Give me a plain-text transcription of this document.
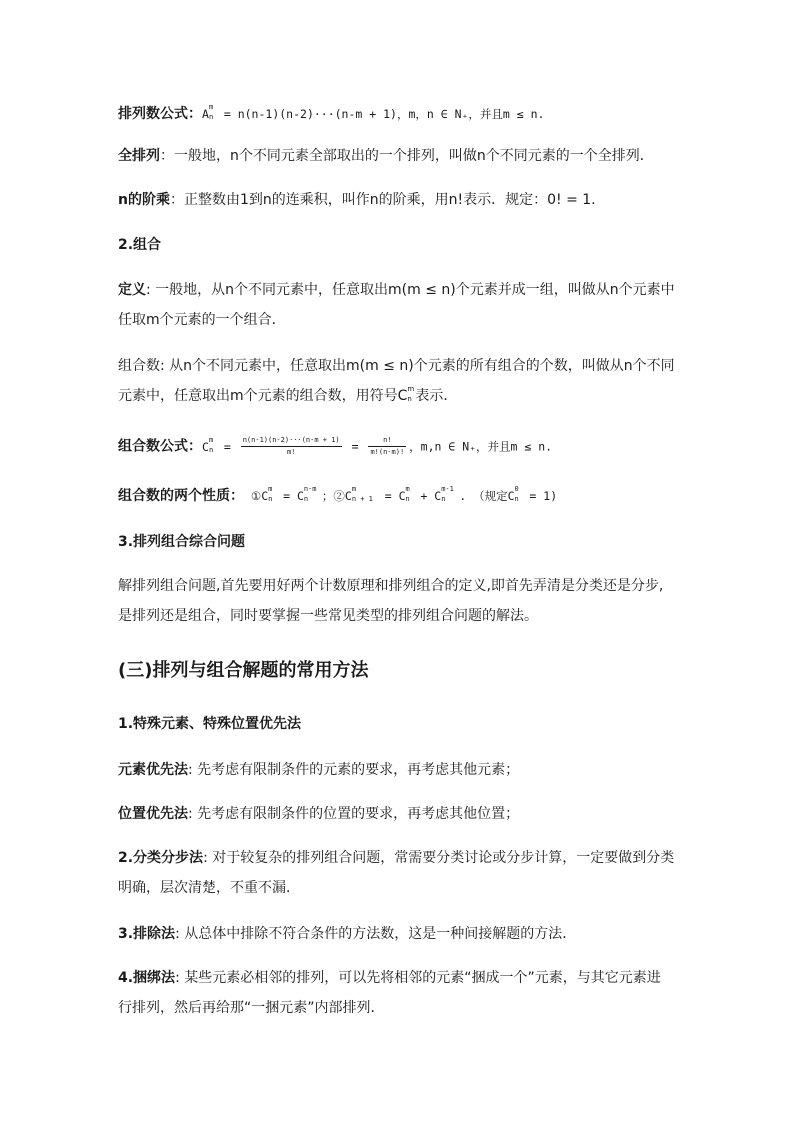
排列数公式：A m
n = n(n-1)(n-2)···(n-m + 1)，m，n ∈ N₊，并且m ≤ n.
全排列：一般地，n个不同元素全部取出的一个排列，叫做n个不同元素的一个全排列．
n的阶乘：正整数由1到n的连乘积，叫作n的阶乘，用n!表示．规定：0! = 1.
2.组合
定义: 一般地，从n个不同元素中，任意取出m(m ≤ n)个元素并成一组，叫做从n个元素中
任取m个元素的一个组合．
组合数: 从n个不同元素中，任意取出m(m ≤ n)个元素的所有组合的个数，叫做从n个不同
元素中，任意取出m个元素的组合数，用符号C m
n 表示．
组合数公式：C m
$n = \frac{n(n-1)(n-2)\cdot\cdot\cdot(n-m + 1)}{m!} = \frac{n!}{m!(n-m)!}$ ，m,n ∈ N₊，并且m ≤ n.
组合数的两个性质： ①C m
n = C n-m
n ；②C m
n + 1 = C m
n + C m-1
n . （规定C 0
n = 1)
3.排列组合综合问题
解排列组合问题,首先要用好两个计数原理和排列组合的定义,即首先弄清是分类还是分步,
是排列还是组合，同时要掌握一些常见类型的排列组合问题的解法。
(三)排列与组合解题的常用方法
1.特殊元素、特殊位置优先法
元素优先法: 先考虑有限制条件的元素的要求，再考虑其他元素；
位置优先法: 先考虑有限制条件的位置的要求，再考虑其他位置；
2.分类分步法: 对于较复杂的排列组合问题，常需要分类讨论或分步计算，一定要做到分类
明确，层次清楚，不重不漏．
3.排除法: 从总体中排除不符合条件的方法数，这是一种间接解题的方法．
4.捆绑法: 某些元素必相邻的排列，可以先将相邻的元素“捆成一个”元素，与其它元素进
行排列，然后再给那“一捆元素”内部排列．
